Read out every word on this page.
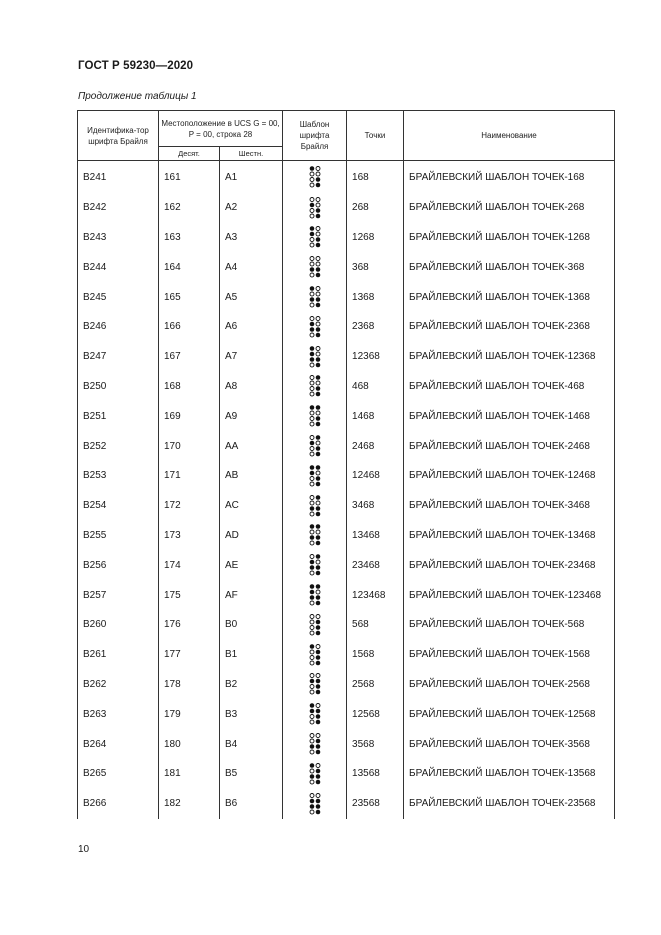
ГОСТ Р 59230—2020
Продолжение таблицы 1
Идентифика-тор шрифта Брайля	Местоположение в UCS G = 00, P = 00, строка 28		Шаблон шрифта Брайля	Точки	Наименование
	Десят.	Шестн.			
B241	161	A1		168	БРАЙЛЕВСКИЙ ШАБЛОН ТОЧЕК-168
B242	162	A2		268	БРАЙЛЕВСКИЙ ШАБЛОН ТОЧЕК-268
B243	163	A3		1268	БРАЙЛЕВСКИЙ ШАБЛОН ТОЧЕК-1268
B244	164	A4		368	БРАЙЛЕВСКИЙ ШАБЛОН ТОЧЕК-368
B245	165	A5		1368	БРАЙЛЕВСКИЙ ШАБЛОН ТОЧЕК-1368
B246	166	A6		2368	БРАЙЛЕВСКИЙ ШАБЛОН ТОЧЕК-2368
B247	167	A7		12368	БРАЙЛЕВСКИЙ ШАБЛОН ТОЧЕК-12368
B250	168	A8		468	БРАЙЛЕВСКИЙ ШАБЛОН ТОЧЕК-468
B251	169	A9		1468	БРАЙЛЕВСКИЙ ШАБЛОН ТОЧЕК-1468
B252	170	AA		2468	БРАЙЛЕВСКИЙ ШАБЛОН ТОЧЕК-2468
B253	171	AB		12468	БРАЙЛЕВСКИЙ ШАБЛОН ТОЧЕК-12468
B254	172	AC		3468	БРАЙЛЕВСКИЙ ШАБЛОН ТОЧЕК-3468
B255	173	AD		13468	БРАЙЛЕВСКИЙ ШАБЛОН ТОЧЕК-13468
B256	174	AE		23468	БРАЙЛЕВСКИЙ ШАБЛОН ТОЧЕК-23468
B257	175	AF		123468	БРАЙЛЕВСКИЙ ШАБЛОН ТОЧЕК-123468
B260	176	B0		568	БРАЙЛЕВСКИЙ ШАБЛОН ТОЧЕК-568
B261	177	B1		1568	БРАЙЛЕВСКИЙ ШАБЛОН ТОЧЕК-1568
B262	178	B2		2568	БРАЙЛЕВСКИЙ ШАБЛОН ТОЧЕК-2568
B263	179	B3		12568	БРАЙЛЕВСКИЙ ШАБЛОН ТОЧЕК-12568
B264	180	B4		3568	БРАЙЛЕВСКИЙ ШАБЛОН ТОЧЕК-3568
B265	181	B5		13568	БРАЙЛЕВСКИЙ ШАБЛОН ТОЧЕК-13568
B266	182	B6		23568	БРАЙЛЕВСКИЙ ШАБЛОН ТОЧЕК-23568
10
